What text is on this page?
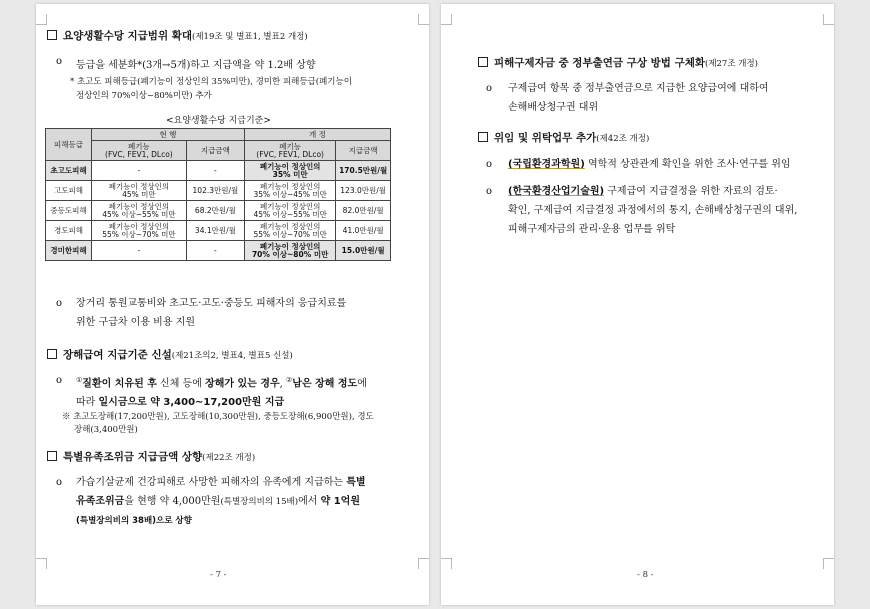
요양생활수당 지급범위 확대(제19조 및 별표1, 별표2 개정)
o 등급을 세분화*(3개→5개)하고 지급액을 약 1.2배 상향
* 초고도 피해등급(폐기능이 정상인의 35%미만), 경미한 피해등급(폐기능이
정상인의 70%이상~80%미만) 추가
<요양생활수당 지급기준>
피해등급	현 행		개 정	
	폐기능
(FVC, FEV1, DLco)	지급금액	폐기능
(FVC, FEV1, DLco)	지급금액
초고도피해	-	-	폐기능이 정상인의
35% 미만	170.5만원/월
고도피해	폐기능이 정상인의
45% 미만	102.3만원/월	폐기능이 정상인의
35% 이상~45% 미만	123.0만원/월
중등도피해	폐기능이 정상인의
45% 이상~55% 미만	68.2만원/월	폐기능이 정상인의
45% 이상~55% 미만	82.0만원/월
경도피해	폐기능이 정상인의
55% 이상~70% 미만	34.1만원/월	폐기능이 정상인의
55% 이상~70% 미만	41.0만원/월
경미한피해	-	-	폐기능이 정상인의
70% 이상~80% 미만	15.0만원/월
o 장거리 통원교통비와 초고도·고도·중등도 피해자의 응급치료를
위한 구급차 이용 비용 지원
장해급여 지급기준 신설(제21조의2, 별표4, 별표5 신설)
o ①질환이 치유된 후 신체 등에 장해가 있는 경우, ②남은 장해 정도에
따라 일시금으로 약 3,400∼17,200만원 지급
※ 초고도장해(17,200만원), 고도장해(10,300만원), 중등도장해(6,900만원), 경도
장해(3,400만원)
특별유족조위금 지급금액 상향(제22조 개정)
o 가습기살균제 건강피해로 사망한 피해자의 유족에게 지급하는 특별
유족조위금을 현행 약 4,000만원(특별장의비의 15배)에서 약 1억원
(특별장의비의 38배)으로 상향
- 7 -
피해구제자금 중 정부출연금 구상 방법 구체화(제27조 개정)
o 구제급여 항목 중 정부출연금으로 지급한 요양급여에 대하여
손해배상청구권 대위
위임 및 위탁업무 추가(제42조 개정)
o (국립환경과학원) 역학적 상관관계 확인을 위한 조사·연구를 위임
o (한국환경산업기술원) 구제급여 지급결정을 위한 자료의 검토·
확인, 구제급여 지급결정 과정에서의 통지, 손해배상청구권의 대위,
피해구제자금의 관리·운용 업무를 위탁
- 8 -
